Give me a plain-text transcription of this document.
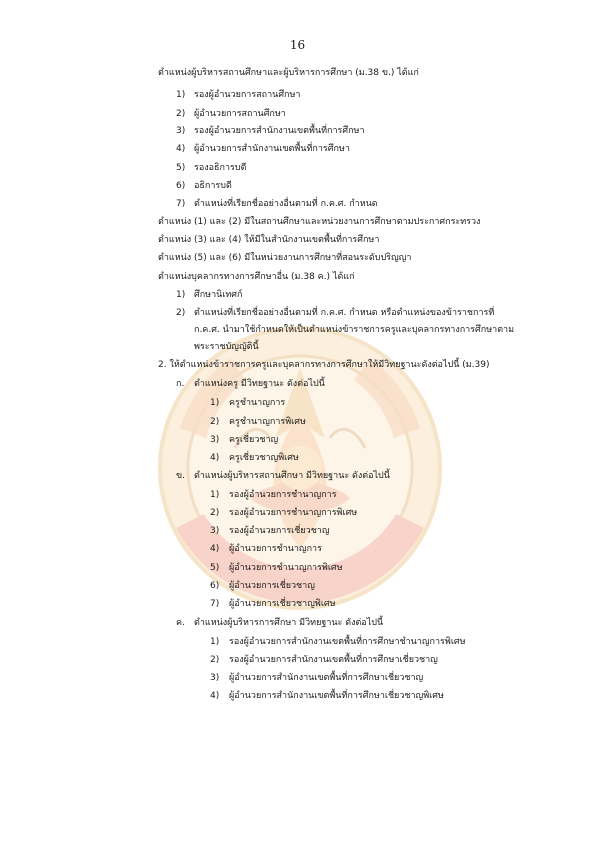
16
ตำแหน่งผู้บริหารสถานศึกษาและผู้บริหารการศึกษา (ม.38 ข.) ได้แก่
1) รองผู้อำนวยการสถานศึกษา
2) ผู้อำนวยการสถานศึกษา
3) รองผู้อำนวยการสำนักงานเขตพื้นที่การศึกษา
4) ผู้อำนวยการสำนักงานเขตพื้นที่การศึกษา
5) รองอธิการบดี
6) อธิการบดี
7) ตำแหน่งที่เรียกชื่ออย่างอื่นตามที่ ก.ค.ศ. กำหนด
ตำแหน่ง (1) และ (2) มีในสถานศึกษาและหน่วยงานการศึกษาตามประกาศกระทรวง
ตำแหน่ง (3) และ (4) ให้มีในสำนักงานเขตพื้นที่การศึกษา
ตำแหน่ง (5) และ (6) มีในหน่วยงานการศึกษาที่สอนระดับปริญญา
ตำแหน่งบุคลากรทางการศึกษาอื่น (ม.38 ค.) ได้แก่
1) ศึกษานิเทศก์
2) ตำแหน่งที่เรียกชื่ออย่างอื่นตามที่ ก.ค.ศ. กำหนด หรือตำแหน่งของข้าราชการที่
ก.ค.ศ. นำมาใช้กำหนดให้เป็นตำแหน่งข้าราชการครูและบุคลากรทางการศึกษาตาม
พระราชบัญญัตินี้
2. ให้ตำแหน่งข้าราชการครูและบุคลากรทางการศึกษาให้มีวิทยฐานะดังต่อไปนี้ (ม.39)
ก. ตำแหน่งครู มีวิทยฐานะ ดังต่อไปนี้
1) ครูชำนาญการ
2) ครูชำนาญการพิเศษ
3) ครูเชี่ยวชาญ
4) ครูเชี่ยวชาญพิเศษ
ข. ตำแหน่งผู้บริหารสถานศึกษา มีวิทยฐานะ ดังต่อไปนี้
1) รองผู้อำนวยการชำนาญการ
2) รองผู้อำนวยการชำนาญการพิเศษ
3) รองผู้อำนวยการเชี่ยวชาญ
4) ผู้อำนวยการชำนาญการ
5) ผู้อำนวยการชำนาญการพิเศษ
6) ผู้อำนวยการเชี่ยวชาญ
7) ผู้อำนวยการเชี่ยวชาญพิเศษ
ค. ตำแหน่งผู้บริหารการศึกษา มีวิทยฐานะ ดังต่อไปนี้
1) รองผู้อำนวยการสำนักงานเขตพื้นที่การศึกษาชำนาญการพิเศษ
2) รองผู้อำนวยการสำนักงานเขตพื้นที่การศึกษาเชี่ยวชาญ
3) ผู้อำนวยการสำนักงานเขตพื้นที่การศึกษาเชี่ยวชาญ
4) ผู้อำนวยการสำนักงานเขตพื้นที่การศึกษาเชี่ยวชาญพิเศษ
